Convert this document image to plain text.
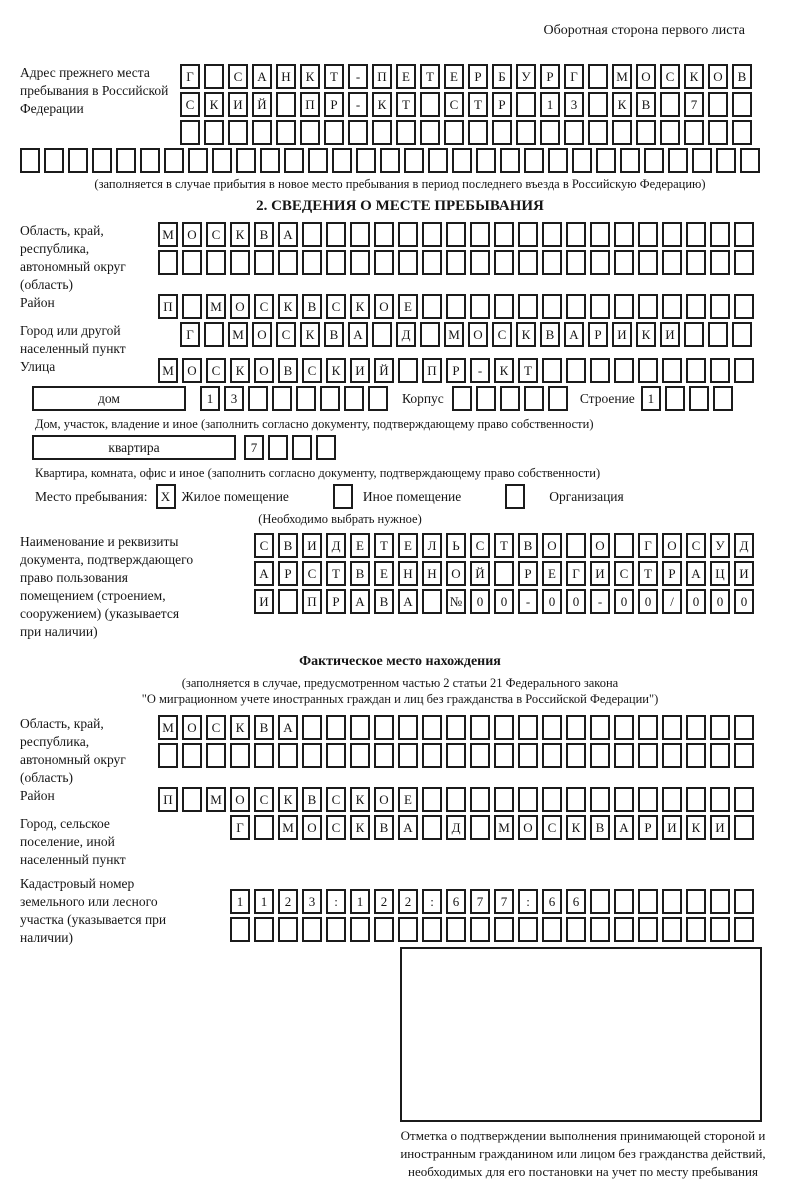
Оборотная сторона первого листа
Адрес прежнего места пребывания в Российской Федерации
Г	С	А	Н	К	Т	-	П	Е	Т	Е	Р	Б	У	Р	Г	М	О	С	К	О	В
С	К	И	Й	П	Р	-	К	Т	С	Т	Р	1	3	К	В	7
(заполняется в случае прибытия в новое место пребывания в период последнего въезда в Российскую Федерацию)
2. СВЕДЕНИЯ О МЕСТЕ ПРЕБЫВАНИЯ
Область, край, республика, автономный округ (область)
М	О	С	К	В	А
Район	П	М	О	С	К	В	С	К	О	Е
Город или другой населенный пункт
Г	М	О	С	К	В	А	Д	М	О	С	К	В	А	Р	И	К	И
Улица	М	О	С	К	О	В	С	К	И	Й	П	Р	-	К	Т
дом	1	3	Корпус	Строение 1
Дом, участок, владение и иное (заполнить согласно документу, подтверждающему право собственности)
квартира	7
Квартира, комната, офис и иное (заполнить согласно документу, подтверждающему право собственности)
Место пребывания:	X Жилое помещение	Иное помещение	Организация
(Необходимо выбрать нужное)
Наименование и реквизиты документа, подтверждающего право пользования помещением (строением, сооружением) (указывается при наличии)
С	В	И	Д	Е	Т	Е	Л	Ь	С	Т	В	О	О	Г	О	С	У	Д
А	Р	С	Т	В	Е	Н	Н	О	Й	Р	Е	Г	И	С	Т	Р	А	Ц	И
И	П	Р	А	В	А	№	0	0	-	0	0	-	0	0	/	0	0	0
Фактическое место нахождения
(заполняется в случае, предусмотренном частью 2 статьи 21 Федерального закона
"О миграционном учете иностранных граждан и лиц без гражданства в Российской Федерации")
Область, край, республика, автономный округ (область)
М	О	С	К	В	А
Район	П	М	О	С	К	В	С	К	О	Е
Город, сельское поселение, иной населенный пункт
Г	М	О	С	К	В	А	Д	М	О	С	К	В	А	Р	И	К	И
Кадастровый номер земельного или лесного участка (указывается при наличии)
1	1	2	3	:	1	2	2	:	6	7	7	:	6	6
Отметка о подтверждении выполнения принимающей стороной и иностранным гражданином или лицом без гражданства действий, необходимых для его постановки на учет по месту пребывания
